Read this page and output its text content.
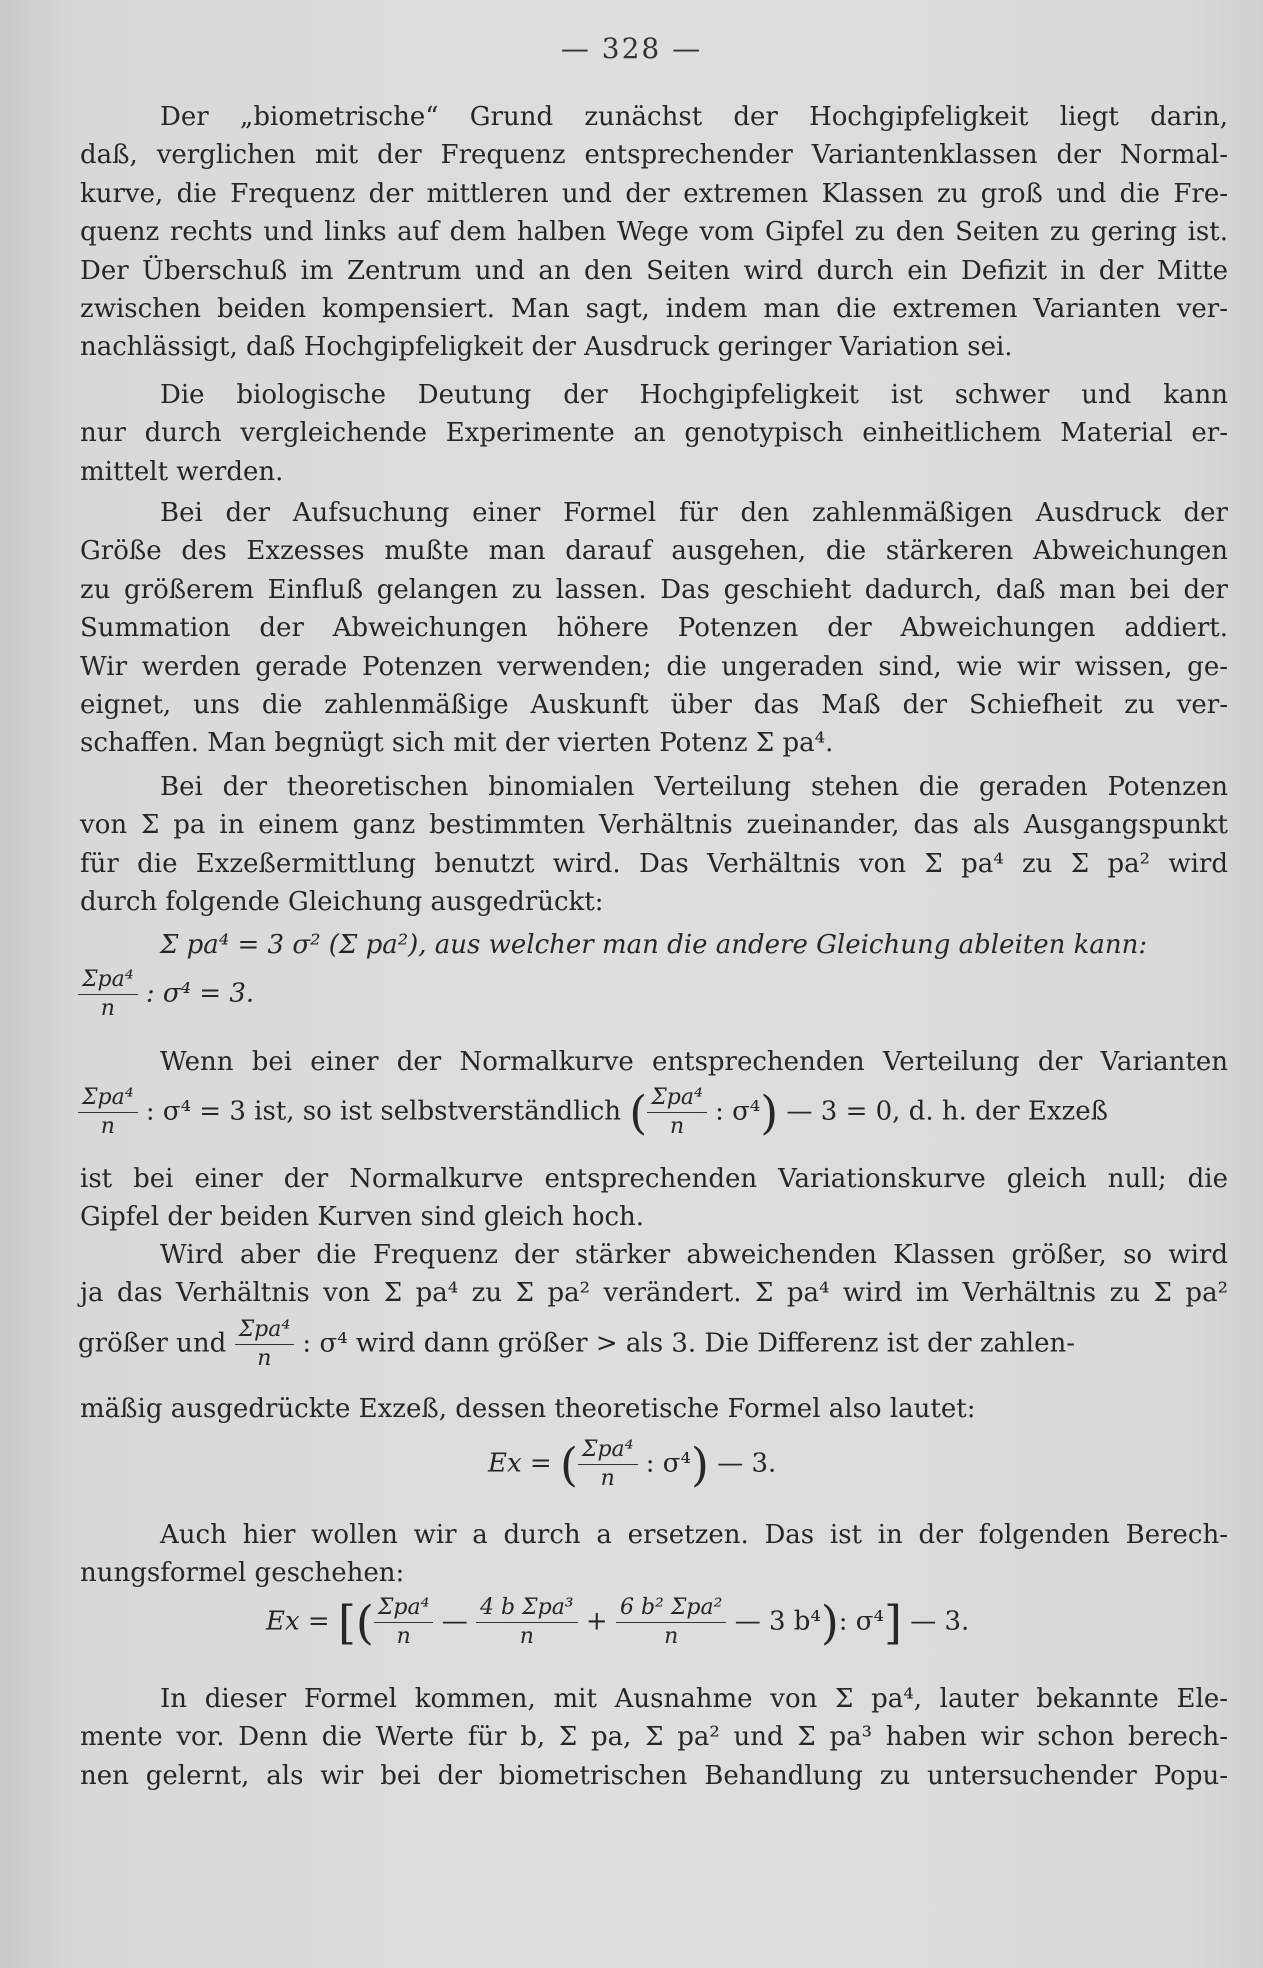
— 328 —
Der „biometrische“ Grund zunächst der Hochgipfeligkeit liegt darin,
daß, verglichen mit der Frequenz entsprechender Variantenklassen der Normal-
kurve, die Frequenz der mittleren und der extremen Klassen zu groß und die Fre-
quenz rechts und links auf dem halben Wege vom Gipfel zu den Seiten zu gering ist.
Der Überschuß im Zentrum und an den Seiten wird durch ein Defizit in der Mitte
zwischen beiden kompensiert. Man sagt, indem man die extremen Varianten ver-
nachlässigt, daß Hochgipfeligkeit der Ausdruck geringer Variation sei.
Die biologische Deutung der Hochgipfeligkeit ist schwer und kann
nur durch vergleichende Experimente an genotypisch einheitlichem Material er-
mittelt werden.
Bei der Aufsuchung einer Formel für den zahlenmäßigen Ausdruck der
Größe des Exzesses mußte man darauf ausgehen, die stärkeren Abweichungen
zu größerem Einfluß gelangen zu lassen. Das geschieht dadurch, daß man bei der
Summation der Abweichungen höhere Potenzen der Abweichungen addiert.
Wir werden gerade Potenzen verwenden; die ungeraden sind, wie wir wissen, ge-
eignet, uns die zahlenmäßige Auskunft über das Maß der Schiefheit zu ver-
schaffen. Man begnügt sich mit der vierten Potenz Σ pa⁴.
Bei der theoretischen binomialen Verteilung stehen die geraden Potenzen
von Σ pa in einem ganz bestimmten Verhältnis zueinander, das als Ausgangspunkt
für die Exzeßermittlung benutzt wird. Das Verhältnis von Σ pa⁴ zu Σ pa² wird
durch folgende Gleichung ausgedrückt:
Σ pa⁴ = 3 σ² (Σ pa²), aus welcher man die andere Gleichung ableiten kann:
$\frac{\text{Σpa⁴}}{n}$ : σ⁴ = 3.
Wenn bei einer der Normalkurve entsprechenden Verteilung der Varianten
$\frac{\text{Σpa⁴}}{n}$ : σ⁴ = 3 ist, so ist selbstverständlich ( $\frac{\text{Σpa⁴}}{n}$ : σ⁴) — 3 = 0, d. h. der Exzeß
ist bei einer der Normalkurve entsprechenden Variationskurve gleich null; die
Gipfel der beiden Kurven sind gleich hoch.
Wird aber die Frequenz der stärker abweichenden Klassen größer, so wird
ja das Verhältnis von Σ pa⁴ zu Σ pa² verändert. Σ pa⁴ wird im Verhältnis zu Σ pa²
größer und $\frac{\text{Σpa⁴}}{n}$ : σ⁴ wird dann größer > als 3. Die Differenz ist der zahlen-
mäßig ausgedrückte Exzeß, dessen theoretische Formel also lautet:
Ex = ( $\frac{\text{Σpa⁴}}{n}$ : σ⁴) — 3.
Auch hier wollen wir a durch a ersetzen. Das ist in der folgenden Berech-
nungsformel geschehen:
Ex = [( $\frac{\text{Σpa⁴}}{n}$ — $\frac{\text{4 b Σpa³}}{n} + \frac{\text{6 b² Σpa²}}{n}$ — 3 b⁴): σ⁴] — 3.
In dieser Formel kommen, mit Ausnahme von Σ pa⁴, lauter bekannte Ele-
mente vor. Denn die Werte für b, Σ pa, Σ pa² und Σ pa³ haben wir schon berech-
nen gelernt, als wir bei der biometrischen Behandlung zu untersuchender Popu-
